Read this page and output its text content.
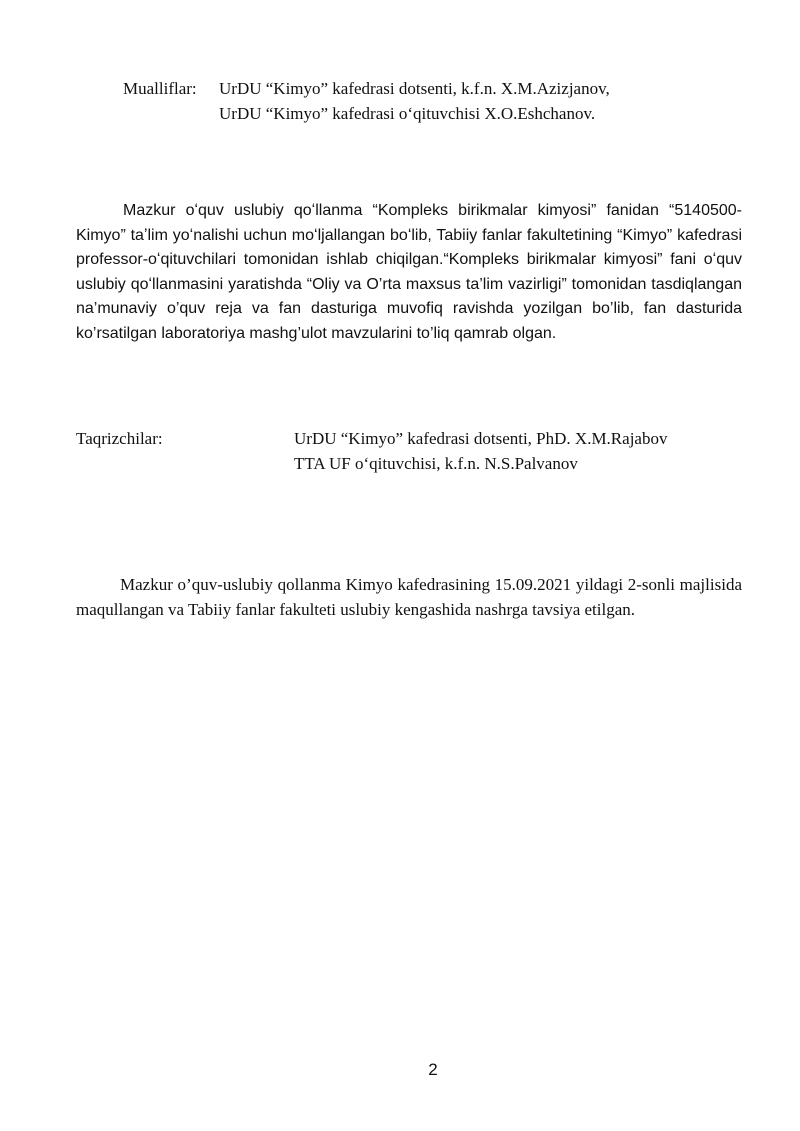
Mualliflar:	UrDU “Kimyo” kafedrasi dotsenti, k.f.n. X.M.Azizjanov,
UrDU “Kimyo” kafedrasi oʻqituvchisi X.O.Eshchanov.

Mazkur oʻquv uslubiy qoʻllanma “Kompleks birikmalar kimyosi” fanidan “5140500-Kimyo” taʼlim yoʻnalishi uchun moʻljallangan boʻlib, Tabiiy fanlar fakultetining “Kimyo” kafedrasi professor-oʻqituvchilari tomonidan ishlab chiqilgan.“Kompleks birikmalar kimyosi” fani oʻquv uslubiy qoʻllanmasini yaratishda “Oliy va O’rta maxsus ta’lim vazirligi” tomonidan tasdiqlangan na’munaviy o’quv reja va fan dasturiga muvofiq ravishda yozilgan bo’lib, fan dasturida ko’rsatilgan laboratoriya mashg’ulot mavzularini to’liq qamrab olgan.

Taqrizchilar:	UrDU “Kimyo” kafedrasi dotsenti, PhD. X.M.Rajabov
TTA UF oʻqituvchisi, k.f.n. N.S.Palvanov

Mazkur o’quv-uslubiy qollanma Kimyo kafedrasining 15.09.2021 yildagi 2-sonli majlisida maqullangan va Tabiiy fanlar fakulteti uslubiy kengashida nashrga tavsiya etilgan.

2
